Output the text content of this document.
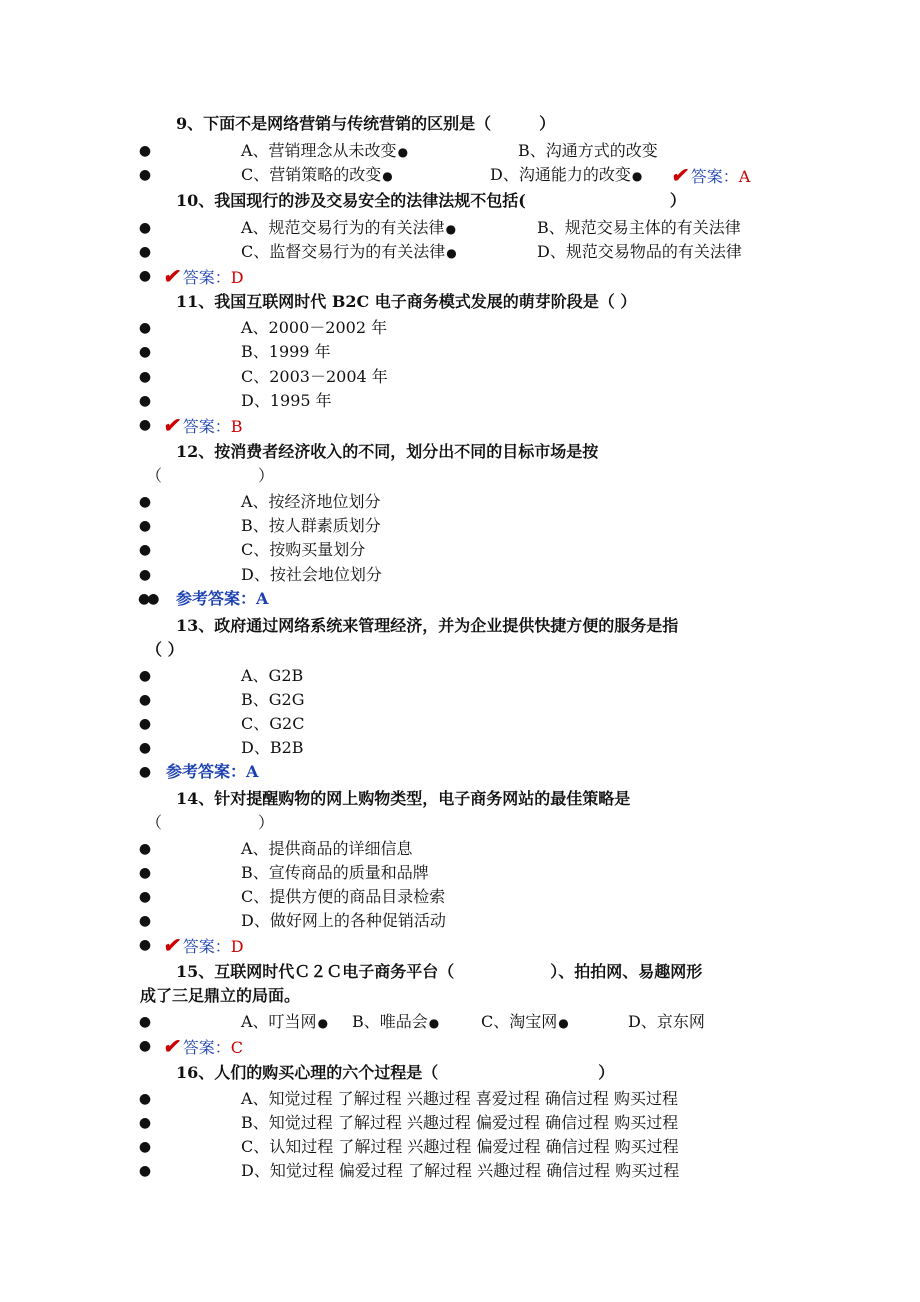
9、下面不是网络营销与传统营销的区别是（　　　）
●	A、营销理念从未改变●	B、沟通方式的改变
●	C、营销策略的改变●	D、沟通能力的改变● ✔答案：A
10、我国现行的涉及交易安全的法律法规不包括(　　　　　　　　　）
●	A、规范交易行为的有关法律●	B、规范交易主体的有关法律
●	C、监督交易行为的有关法律●	D、规范交易物品的有关法律
● ✔答案：D
11、我国互联网时代 B2C 电子商务模式发展的萌芽阶段是（ ）
●	A、2000－2002 年
●	B、1999 年
●	C、2003－2004 年
●	D、1995 年
● ✔答案：B
12、按消费者经济收入的不同，划分出不同的目标市场是按
（　　　　　　）
●	A、按经济地位划分
●	B、按人群素质划分
●	C、按购买量划分
●	D、按社会地位划分
●● 参考答案：A
13、政府通过网络系统来管理经济，并为企业提供快捷方便的服务是指
（ ）
●	A、G2B
●	B、G2G
●	C、G2C
●	D、B2B
● 参考答案：A
14、针对提醒购物的网上购物类型，电子商务网站的最佳策略是
（　　　　　　）
●	A、提供商品的详细信息
●	B、宣传商品的质量和品牌
●	C、提供方便的商品目录检索
●	D、做好网上的各种促销活动
● ✔答案：D
15、互联网时代Ｃ２Ｃ电子商务平台（　　　　　　）、拍拍网、易趣网形
成了三足鼎立的局面。
●	A、叮当网● B、唯品会●	C、淘宝网●	D、京东网
● ✔答案：C
16、人们的购买心理的六个过程是（　　　　　　　　　　）
●	A、知觉过程 了解过程 兴趣过程 喜爱过程 确信过程 购买过程
●	B、知觉过程 了解过程 兴趣过程 偏爱过程 确信过程 购买过程
●	C、认知过程 了解过程 兴趣过程 偏爱过程 确信过程 购买过程
●	D、知觉过程 偏爱过程 了解过程 兴趣过程 确信过程 购买过程
